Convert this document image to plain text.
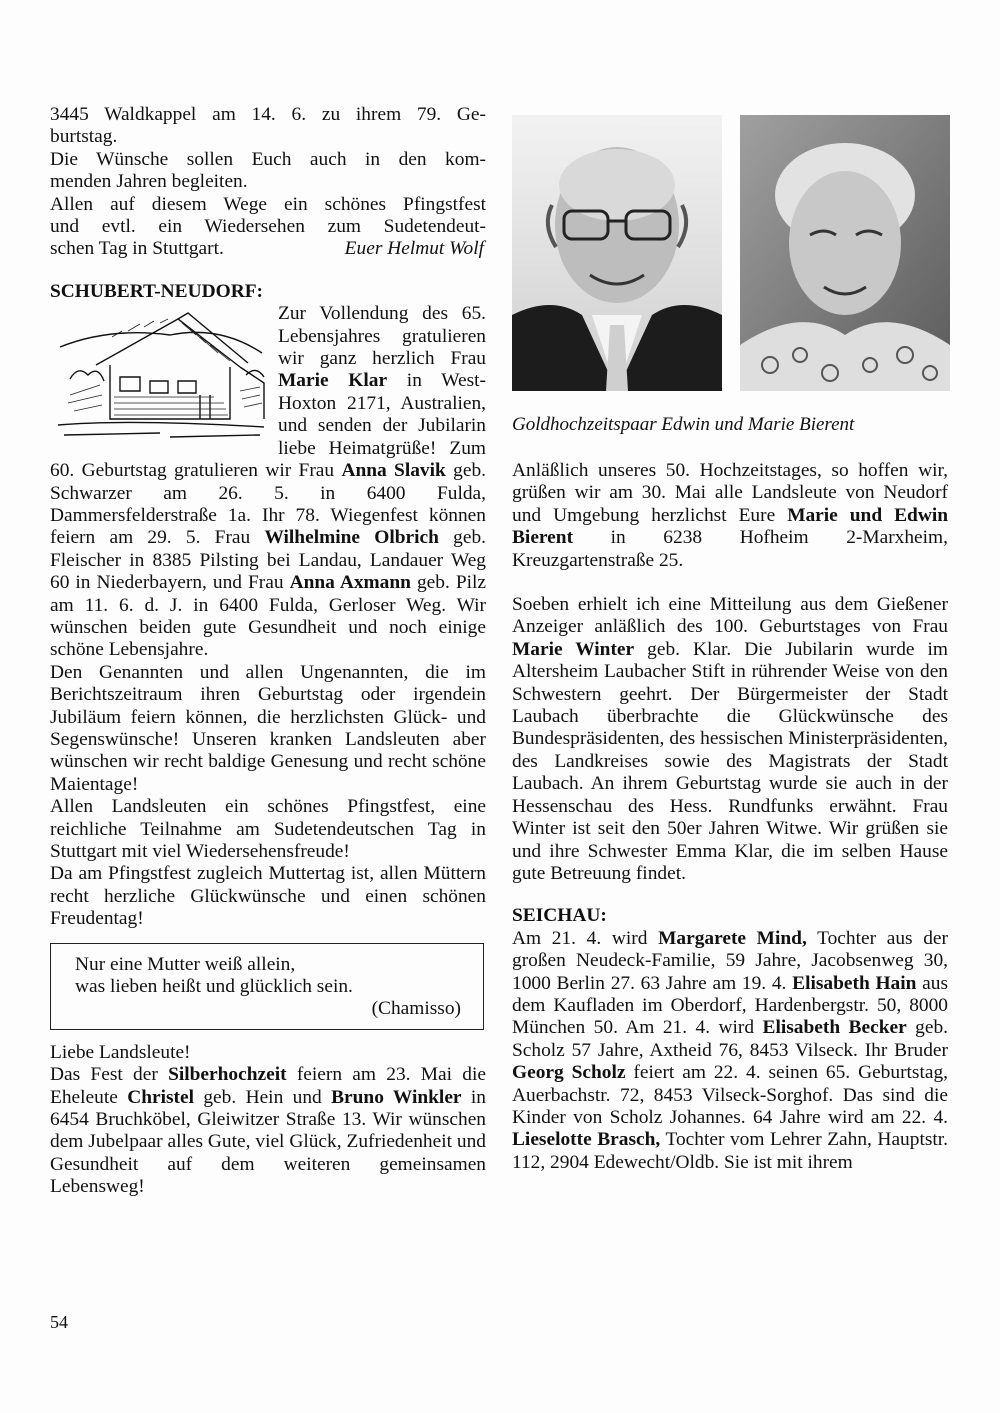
3445 Waldkappel am 14. 6. zu ihrem 79. Ge-

burtstag.

Die Wünsche sollen Euch auch in den kom-

menden Jahren begleiten.

Allen auf diesem Wege ein schönes Pfingstfest

und evtl. ein Wiedersehen zum Sudetendeut-

schen Tag in Stuttgart.	Euer Helmut Wolf

SCHUBERT-NEUDORF:

Zur Vollendung des 65. Lebensjahres gratulieren wir ganz herzlich Frau Marie Klar in West-Hoxton 2171, Australien, und senden der Jubilarin liebe Heimatgrüße! Zum 60. Geburtstag gratulieren wir Frau Anna Slavik geb. Schwarzer am 26. 5. in 6400 Fulda, Dammersfelderstraße 1a. Ihr 78. Wiegenfest können feiern am 29. 5. Frau Wilhelmine Olbrich geb. Fleischer in 8385 Pilsting bei Landau, Landauer Weg 60 in Niederbayern, und Frau Anna Axmann geb. Pilz am 11. 6. d. J. in 6400 Fulda, Gerloser Weg. Wir wünschen beiden gute Gesundheit und noch einige schöne Lebensjahre.

Den Genannten und allen Ungenannten, die im Berichtszeitraum ihren Geburtstag oder irgendein Jubiläum feiern können, die herzlichsten Glück- und Segenswünsche! Unseren kranken Landsleuten aber wünschen wir recht baldige Genesung und recht schöne Maientage!

Allen Landsleuten ein schönes Pfingstfest, eine reichliche Teilnahme am Sudetendeutschen Tag in Stuttgart mit viel Wiedersehensfreude!

Da am Pfingstfest zugleich Muttertag ist, allen Müttern recht herzliche Glückwünsche und einen schönen Freudentag!

Nur eine Mutter weiß allein,
was lieben heißt und glücklich sein.
(Chamisso)

Liebe Landsleute!

Das Fest der Silberhochzeit feiern am 23. Mai die Eheleute Christel geb. Hein und Bruno Winkler in 6454 Bruchköbel, Gleiwitzer Straße 13. Wir wünschen dem Jubelpaar alles Gute, viel Glück, Zufriedenheit und Gesundheit auf dem weiteren gemeinsamen Lebensweg!

Goldhochzeitspaar Edwin und Marie Bierent

Anläßlich unseres 50. Hochzeitstages, so hoffen wir, grüßen wir am 30. Mai alle Landsleute von Neudorf und Umgebung herzlichst Eure Marie und Edwin Bierent in 6238 Hofheim 2-Marxheim, Kreuzgartenstraße 25.

Soeben erhielt ich eine Mitteilung aus dem Gießener Anzeiger anläßlich des 100. Geburtstages von Frau Marie Winter geb. Klar. Die Jubilarin wurde im Altersheim Laubacher Stift in rührender Weise von den Schwestern geehrt. Der Bürgermeister der Stadt Laubach überbrachte die Glückwünsche des Bundespräsidenten, des hessischen Ministerpräsidenten, des Landkreises sowie des Magistrats der Stadt Laubach. An ihrem Geburtstag wurde sie auch in der Hessenschau des Hess. Rundfunks erwähnt. Frau Winter ist seit den 50er Jahren Witwe. Wir grüßen sie und ihre Schwester Emma Klar, die im selben Hause gute Betreuung findet.

SEICHAU:

Am 21. 4. wird Margarete Mind, Tochter aus der großen Neudeck-Familie, 59 Jahre, Jacobsenweg 30, 1000 Berlin 27. 63 Jahre am 19. 4. Elisabeth Hain aus dem Kaufladen im Oberdorf, Hardenbergstr. 50, 8000 München 50. Am 21. 4. wird Elisabeth Becker geb. Scholz 57 Jahre, Axtheid 76, 8453 Vilseck. Ihr Bruder Georg Scholz feiert am 22. 4. seinen 65. Geburtstag, Auerbachstr. 72, 8453 Vilseck-Sorghof. Das sind die Kinder von Scholz Johannes. 64 Jahre wird am 22. 4. Lieselotte Brasch, Tochter vom Lehrer Zahn, Hauptstr. 112, 2904 Edewecht/Oldb. Sie ist mit ihrem

54
